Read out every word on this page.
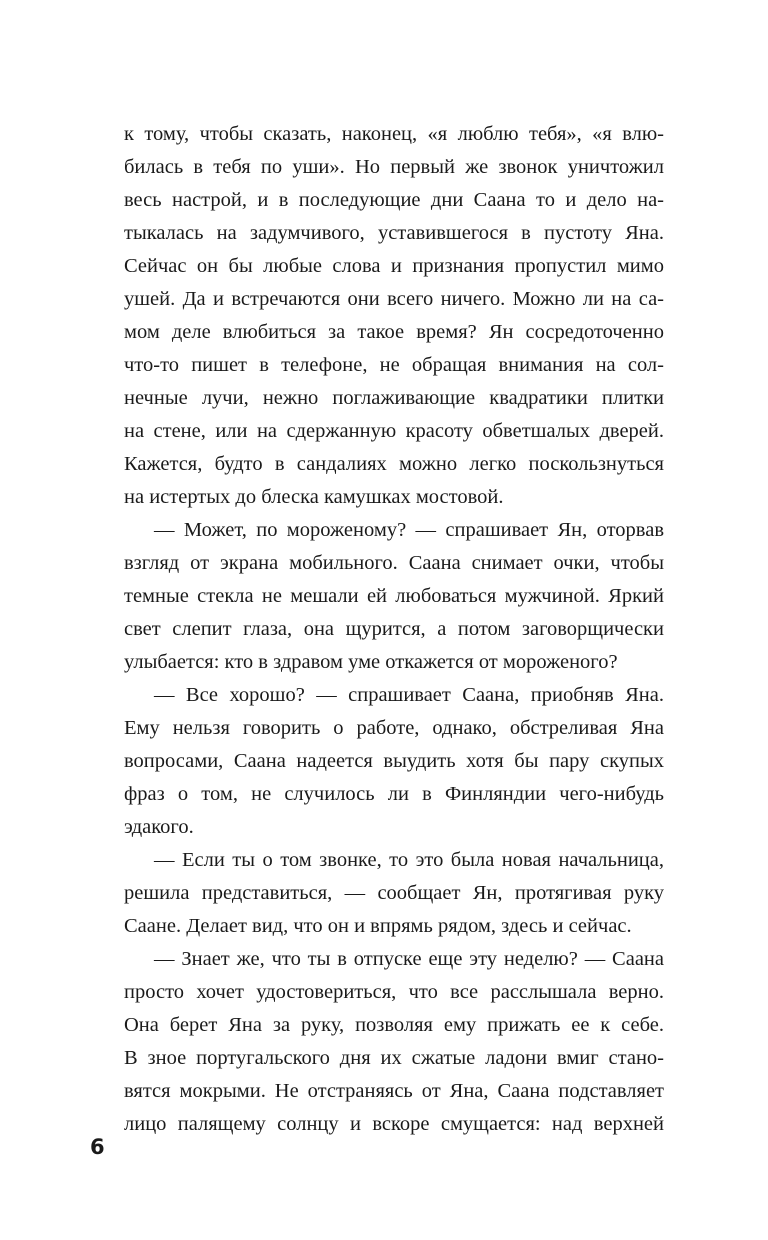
к тому, чтобы сказать, наконец, «я люблю тебя», «я влю-
билась в тебя по уши». Но первый же звонок уничтожил
весь настрой, и в последующие дни Саана то и дело на-
тыкалась на задумчивого, уставившегося в пустоту Яна.
Сейчас он бы любые слова и признания пропустил мимо
ушей. Да и встречаются они всего ничего. Можно ли на са-
мом деле влюбиться за такое время? Ян сосредоточенно
что-то пишет в телефоне, не обращая внимания на сол-
нечные лучи, нежно поглаживающие квадратики плитки
на стене, или на сдержанную красоту обветшалых дверей.
Кажется, будто в сандалиях можно легко поскользнуться
на истертых до блеска камушках мостовой.
— Может, по мороженому? — спрашивает Ян, оторвав
взгляд от экрана мобильного. Саана снимает очки, чтобы
темные стекла не мешали ей любоваться мужчиной. Яркий
свет слепит глаза, она щурится, а потом заговорщически
улыбается: кто в здравом уме откажется от мороженого?
— Все хорошо? — спрашивает Саана, приобняв Яна.
Ему нельзя говорить о работе, однако, обстреливая Яна
вопросами, Саана надеется выудить хотя бы пару скупых
фраз о том, не случилось ли в Финляндии чего-нибудь
эдакого.
— Если ты о том звонке, то это была новая начальница,
решила представиться, — сообщает Ян, протягивая руку
Саане. Делает вид, что он и впрямь рядом, здесь и сейчас.
— Знает же, что ты в отпуске еще эту неделю? — Саана
просто хочет удостовериться, что все расслышала верно.
Она берет Яна за руку, позволяя ему прижать ее к себе.
В зное португальского дня их сжатые ладони вмиг стано-
вятся мокрыми. Не отстраняясь от Яна, Саана подставляет
лицо палящему солнцу и вскоре смущается: над верхней
6
